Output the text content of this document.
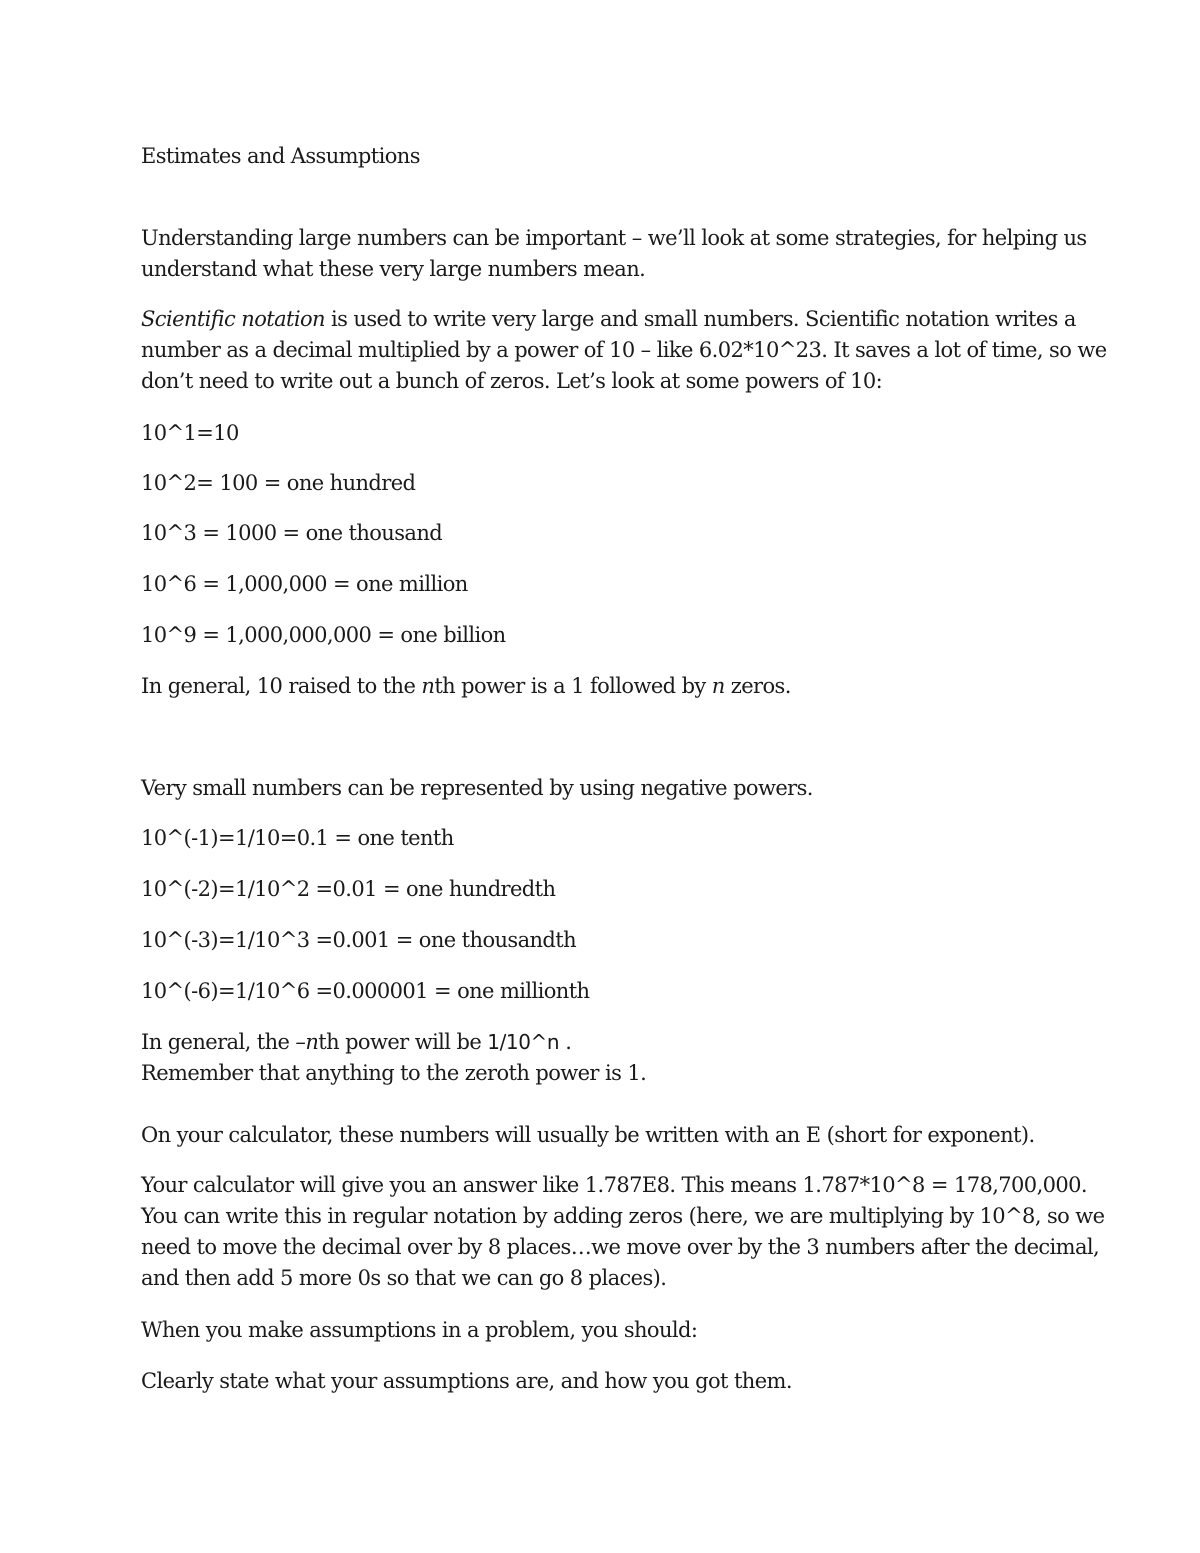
Estimates and Assumptions

Understanding large numbers can be important – we’ll look at some strategies, for helping us
understand what these very large numbers mean.

Scientific notation is used to write very large and small numbers. Scientific notation writes a
number as a decimal multiplied by a power of 10 – like 6.02*10^23. It saves a lot of time, so we
don’t need to write out a bunch of zeros. Let’s look at some powers of 10:

10^1=10

10^2= 100 = one hundred

10^3 = 1000 = one thousand

10^6 = 1,000,000 = one million

10^9 = 1,000,000,000 = one billion

In general, 10 raised to the nth power is a 1 followed by n zeros.

Very small numbers can be represented by using negative powers.

10^(-1)=1/10=0.1 = one tenth

10^(-2)=1/10^2 =0.01 = one hundredth

10^(-3)=1/10^3 =0.001 = one thousandth

10^(-6)=1/10^6 =0.000001 = one millionth

In general, the –nth power will be 1/10^n .

Remember that anything to the zeroth power is 1.

On your calculator, these numbers will usually be written with an E (short for exponent).

Your calculator will give you an answer like 1.787E8. This means 1.787*10^8 = 178,700,000.
You can write this in regular notation by adding zeros (here, we are multiplying by 10^8, so we
need to move the decimal over by 8 places…we move over by the 3 numbers after the decimal,
and then add 5 more 0s so that we can go 8 places).

When you make assumptions in a problem, you should:

Clearly state what your assumptions are, and how you got them.
